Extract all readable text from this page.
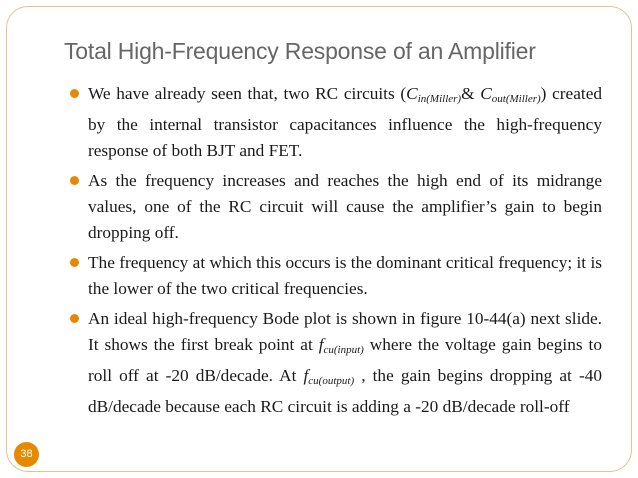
Total High-Frequency Response of an Amplifier
We have already seen that, two RC circuits ($C_{in(Miller)}\&$ $C_{out(Miller)}$) created by the internal transistor capacitances influence the high-frequency response of both BJT and FET.
As the frequency increases and reaches the high end of its midrange values, one of the RC circuit will cause the amplifier’s gain to begin dropping off.
The frequency at which this occurs is the dominant critical frequency; it is the lower of the two critical frequencies.
An ideal high-frequency Bode plot is shown in figure 10-44(a) next slide. It shows the first break point at $f_{cu(input)}$ where the voltage gain begins to roll off at -20 dB/decade. At $f_{cu(output)}$ , the gain begins dropping at -40 dB/decade because each RC circuit is adding a -20 dB/decade roll-off
38
